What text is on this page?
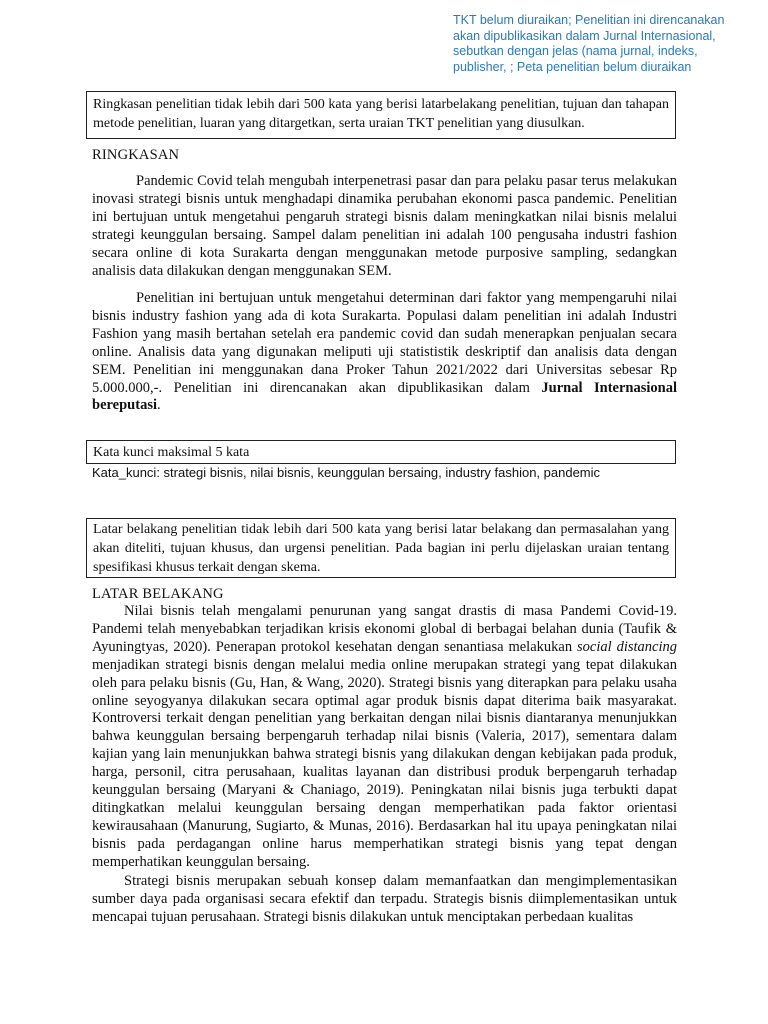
TKT belum diuraikan; Penelitian ini direncanakan akan dipublikasikan dalam Jurnal Internasional, sebutkan dengan jelas (nama jurnal, indeks, publisher, ; Peta penelitian belum diuraikan
Ringkasan penelitian tidak lebih dari 500 kata yang berisi latarbelakang penelitian, tujuan dan tahapan metode penelitian, luaran yang ditargetkan, serta uraian TKT penelitian yang diusulkan.
RINGKASAN
Pandemic Covid telah mengubah interpenetrasi pasar dan para pelaku pasar terus melakukan inovasi strategi bisnis untuk menghadapi dinamika perubahan ekonomi pasca pandemic. Penelitian ini bertujuan untuk mengetahui pengaruh strategi bisnis dalam meningkatkan nilai bisnis melalui strategi keunggulan bersaing. Sampel dalam penelitian ini adalah 100 pengusaha industri fashion secara online di kota Surakarta dengan menggunakan metode purposive sampling, sedangkan analisis data dilakukan dengan menggunakan SEM.
Penelitian ini bertujuan untuk mengetahui determinan dari faktor yang mempengaruhi nilai bisnis industry fashion yang ada di kota Surakarta. Populasi dalam penelitian ini adalah Industri Fashion yang masih bertahan setelah era pandemic covid dan sudah menerapkan penjualan secara online. Analisis data yang digunakan meliputi uji statististik deskriptif dan analisis data dengan SEM. Penelitian ini menggunakan dana Proker Tahun 2021/2022 dari Universitas sebesar Rp 5.000.000,-. Penelitian ini direncanakan akan dipublikasikan dalam Jurnal Internasional bereputasi.
Kata kunci maksimal 5 kata
Kata_kunci: strategi bisnis, nilai bisnis, keunggulan bersaing, industry fashion, pandemic
Latar belakang penelitian tidak lebih dari 500 kata yang berisi latar belakang dan permasalahan yang akan diteliti, tujuan khusus, dan urgensi penelitian. Pada bagian ini perlu dijelaskan uraian tentang spesifikasi khusus terkait dengan skema.
LATAR BELAKANG
Nilai bisnis telah mengalami penurunan yang sangat drastis di masa Pandemi Covid-19. Pandemi telah menyebabkan terjadikan krisis ekonomi global di berbagai belahan dunia (Taufik & Ayuningtyas, 2020). Penerapan protokol kesehatan dengan senantiasa melakukan social distancing menjadikan strategi bisnis dengan melalui media online merupakan strategi yang tepat dilakukan oleh para pelaku bisnis (Gu, Han, & Wang, 2020). Strategi bisnis yang diterapkan para pelaku usaha online seyogyanya dilakukan secara optimal agar produk bisnis dapat diterima baik masyarakat. Kontroversi terkait dengan penelitian yang berkaitan dengan nilai bisnis diantaranya menunjukkan bahwa keunggulan bersaing berpengaruh terhadap nilai bisnis (Valeria, 2017), sementara dalam kajian yang lain menunjukkan bahwa strategi bisnis yang dilakukan dengan kebijakan pada produk, harga, personil, citra perusahaan, kualitas layanan dan distribusi produk berpengaruh terhadap keunggulan bersaing (Maryani & Chaniago, 2019). Peningkatan nilai bisnis juga terbukti dapat ditingkatkan melalui keunggulan bersaing dengan memperhatikan pada faktor orientasi kewirausahaan (Manurung, Sugiarto, & Munas, 2016). Berdasarkan hal itu upaya peningkatan nilai bisnis pada perdagangan online harus memperhatikan strategi bisnis yang tepat dengan memperhatikan keunggulan bersaing.
Strategi bisnis merupakan sebuah konsep dalam memanfaatkan dan mengimplementasikan sumber daya pada organisasi secara efektif dan terpadu. Strategis bisnis diimplementasikan untuk mencapai tujuan perusahaan. Strategi bisnis dilakukan untuk menciptakan perbedaan kualitas
